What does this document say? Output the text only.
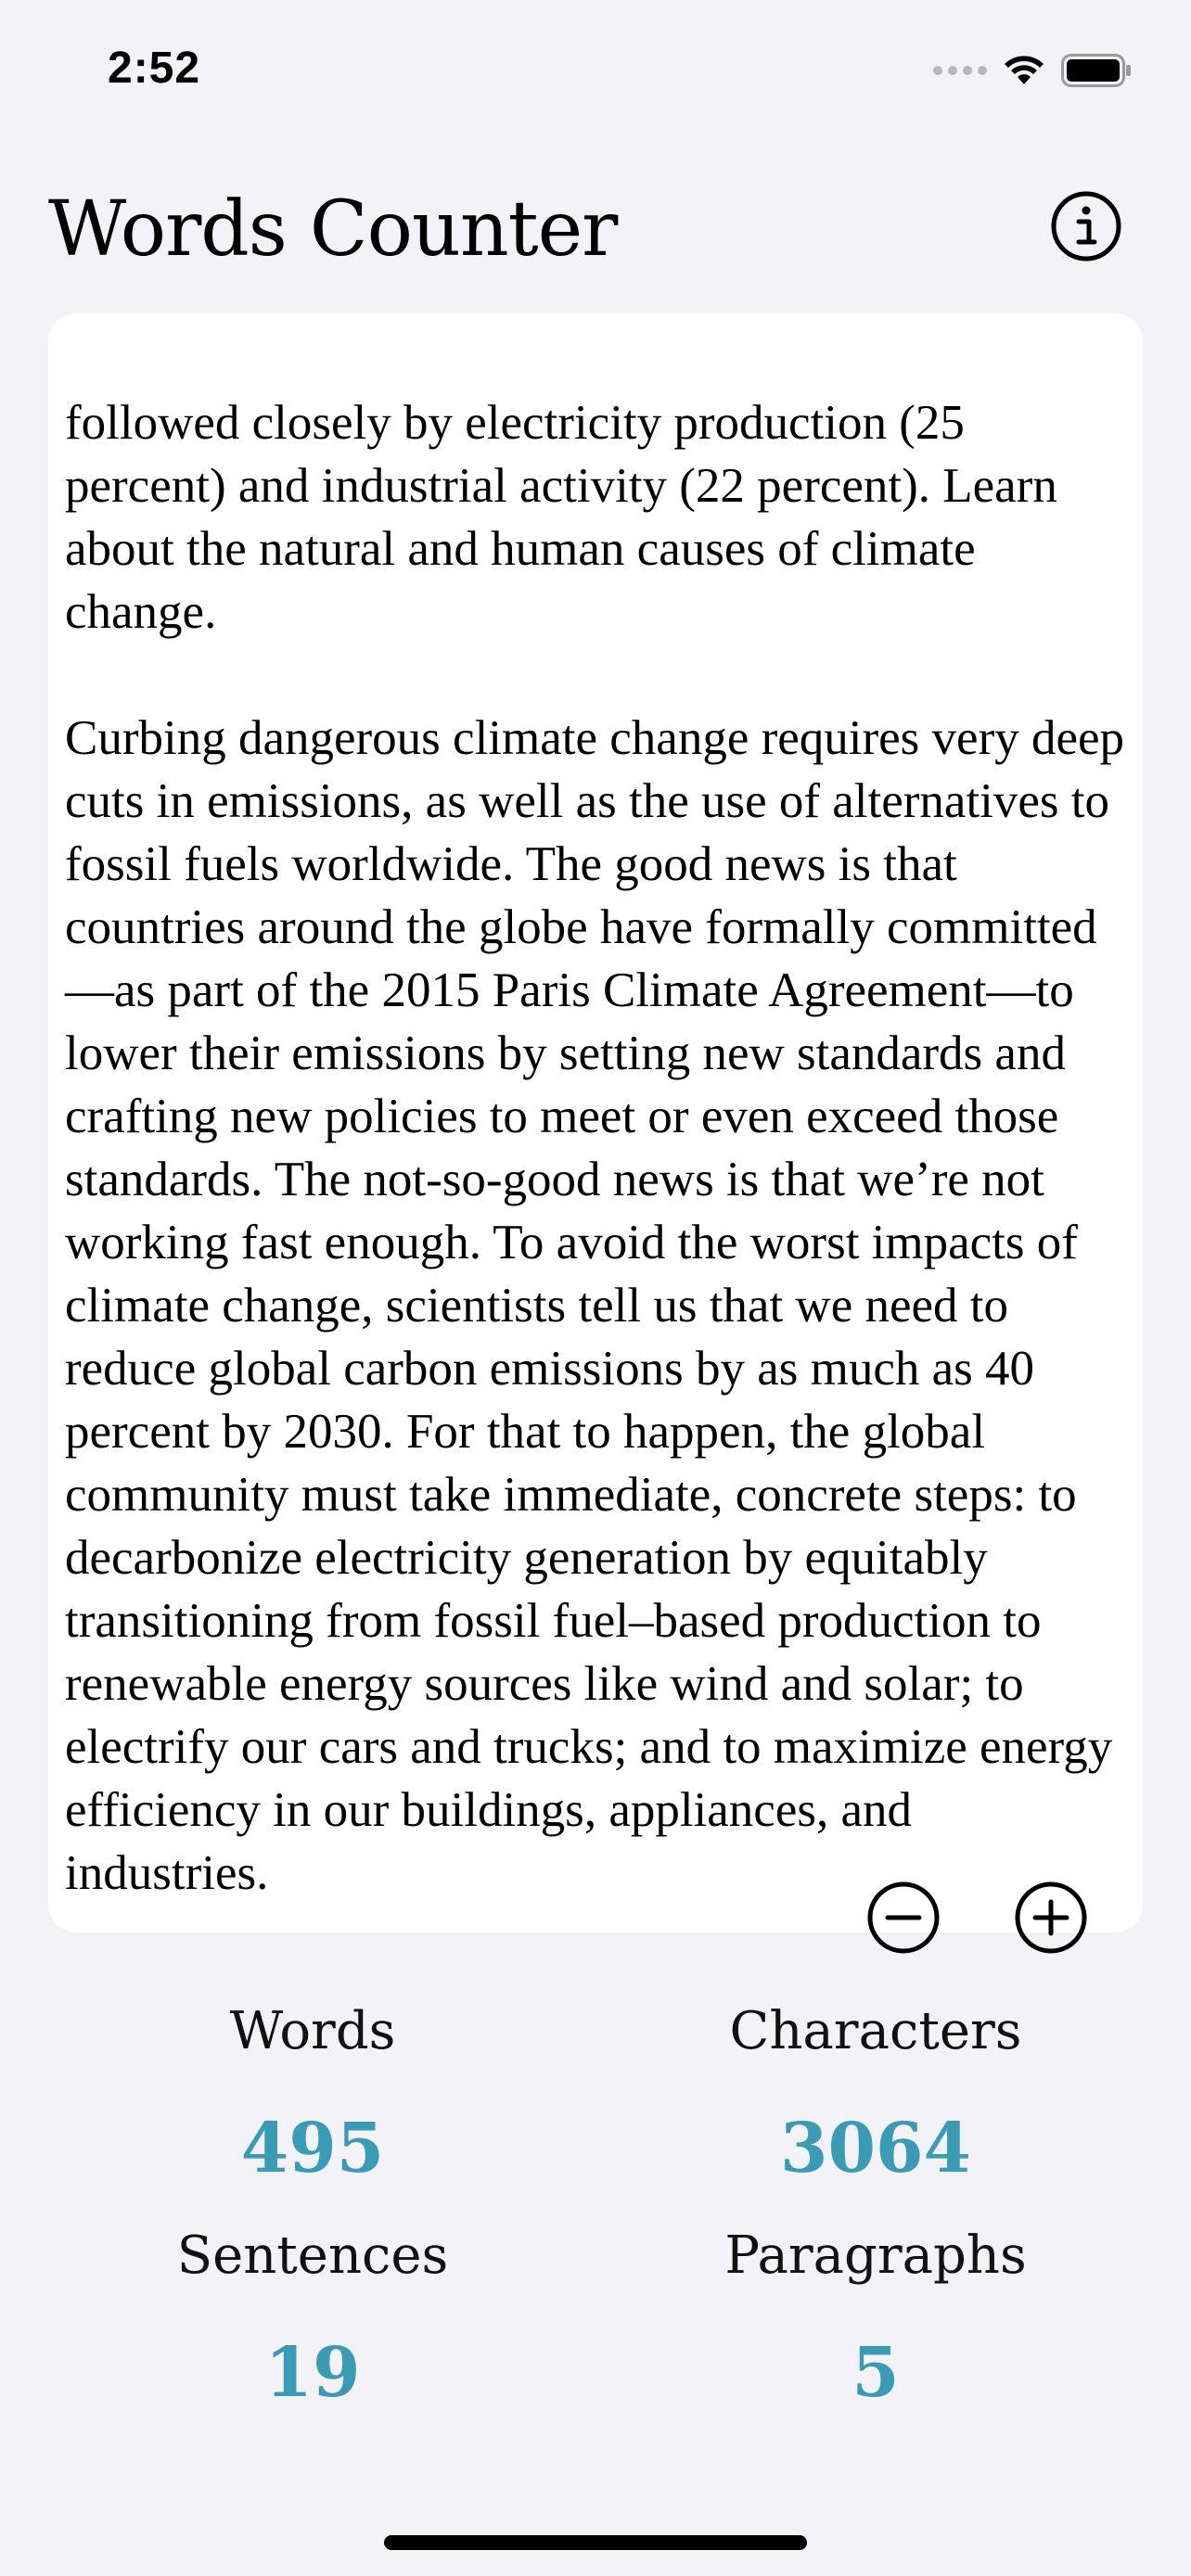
2:52
Words Counter

followed closely by electricity production (25 percent) and industrial activity (22 percent). Learn about the natural and human causes of climate change.

Curbing dangerous climate change requires very deep cuts in emissions, as well as the use of alternatives to fossil fuels worldwide. The good news is that countries around the globe have formally committed—as part of the 2015 Paris Climate Agreement—to lower their emissions by setting new standards and crafting new policies to meet or even exceed those standards. The not-so-good news is that we’re not working fast enough. To avoid the worst impacts of climate change, scientists tell us that we need to reduce global carbon emissions by as much as 40 percent by 2030. For that to happen, the global community must take immediate, concrete steps: to decarbonize electricity generation by equitably transitioning from fossil fuel–based production to renewable energy sources like wind and solar; to electrify our cars and trucks; and to maximize energy efficiency in our buildings, appliances, and industries.

Words
495
Characters
3064
Sentences
19
Paragraphs
5
